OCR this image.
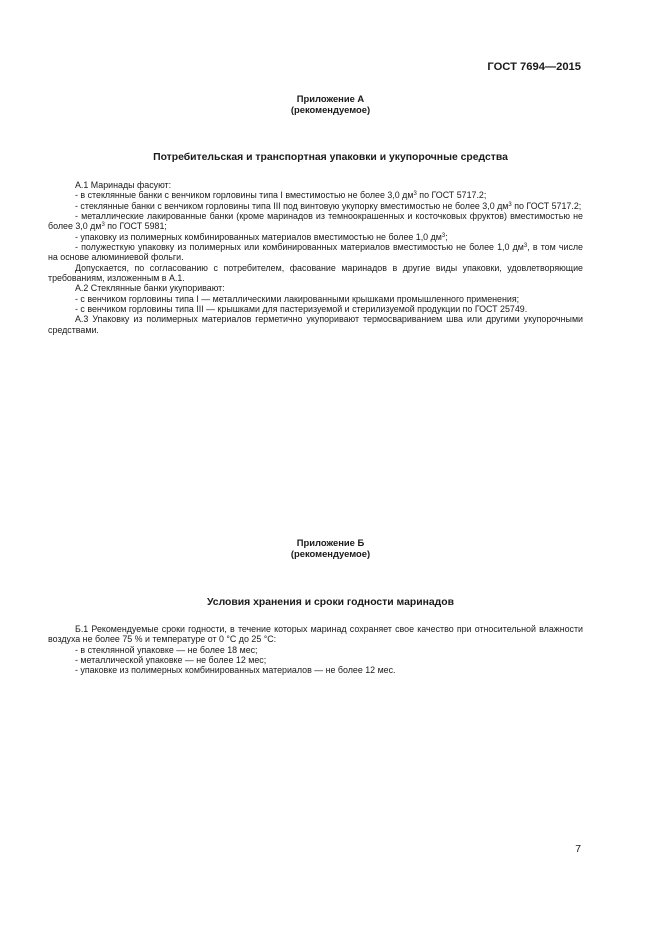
ГОСТ 7694—2015
Приложение А
(рекомендуемое)
Потребительская и транспортная упаковки и укупорочные средства

А.1 Маринады фасуют:

- в стеклянные банки с венчиком горловины типа I вместимостью не более 3,0 $дм^3$ по ГОСТ 5717.2;

- стеклянные банки с венчиком горловины типа III под винтовую укупорку вместимостью не более 3,0 $дм^3$ по ГОСТ 5717.2;

- металлические лакированные банки (кроме маринадов из темноокрашенных и косточковых фруктов) вместимостью не более 3,0 $дм^3$ по ГОСТ 5981;

- упаковку из полимерных комбинированных материалов вместимостью не более 1,0 $дм^3$;

- полужесткую упаковку из полимерных или комбинированных материалов вместимостью не более 1,0 $дм^3$, в том числе на основе алюминиевой фольги.

Допускается, по согласованию с потребителем, фасование маринадов в другие виды упаковки, удовлетворяющие требованиям, изложенным в А.1.

А.2 Стеклянные банки укупоривают:

- с венчиком горловины типа I — металлическими лакированными крышками промышленного применения;

- с венчиком горловины типа III — крышками для пастеризуемой и стерилизуемой продукции по ГОСТ 25749.

А.3 Упаковку из полимерных материалов герметично укупоривают термосвариванием шва или другими укупорочными средствами.

Приложение Б
(рекомендуемое)
Условия хранения и сроки годности маринадов

Б.1 Рекомендуемые сроки годности, в течение которых маринад сохраняет свое качество при относительной влажности воздуха не более 75 % и температуре от 0 °С до 25 °С:

- в стеклянной упаковке — не более 18 мес;

- металлической упаковке — не более 12 мес;

- упаковке из полимерных комбинированных материалов — не более 12 мес.

7
